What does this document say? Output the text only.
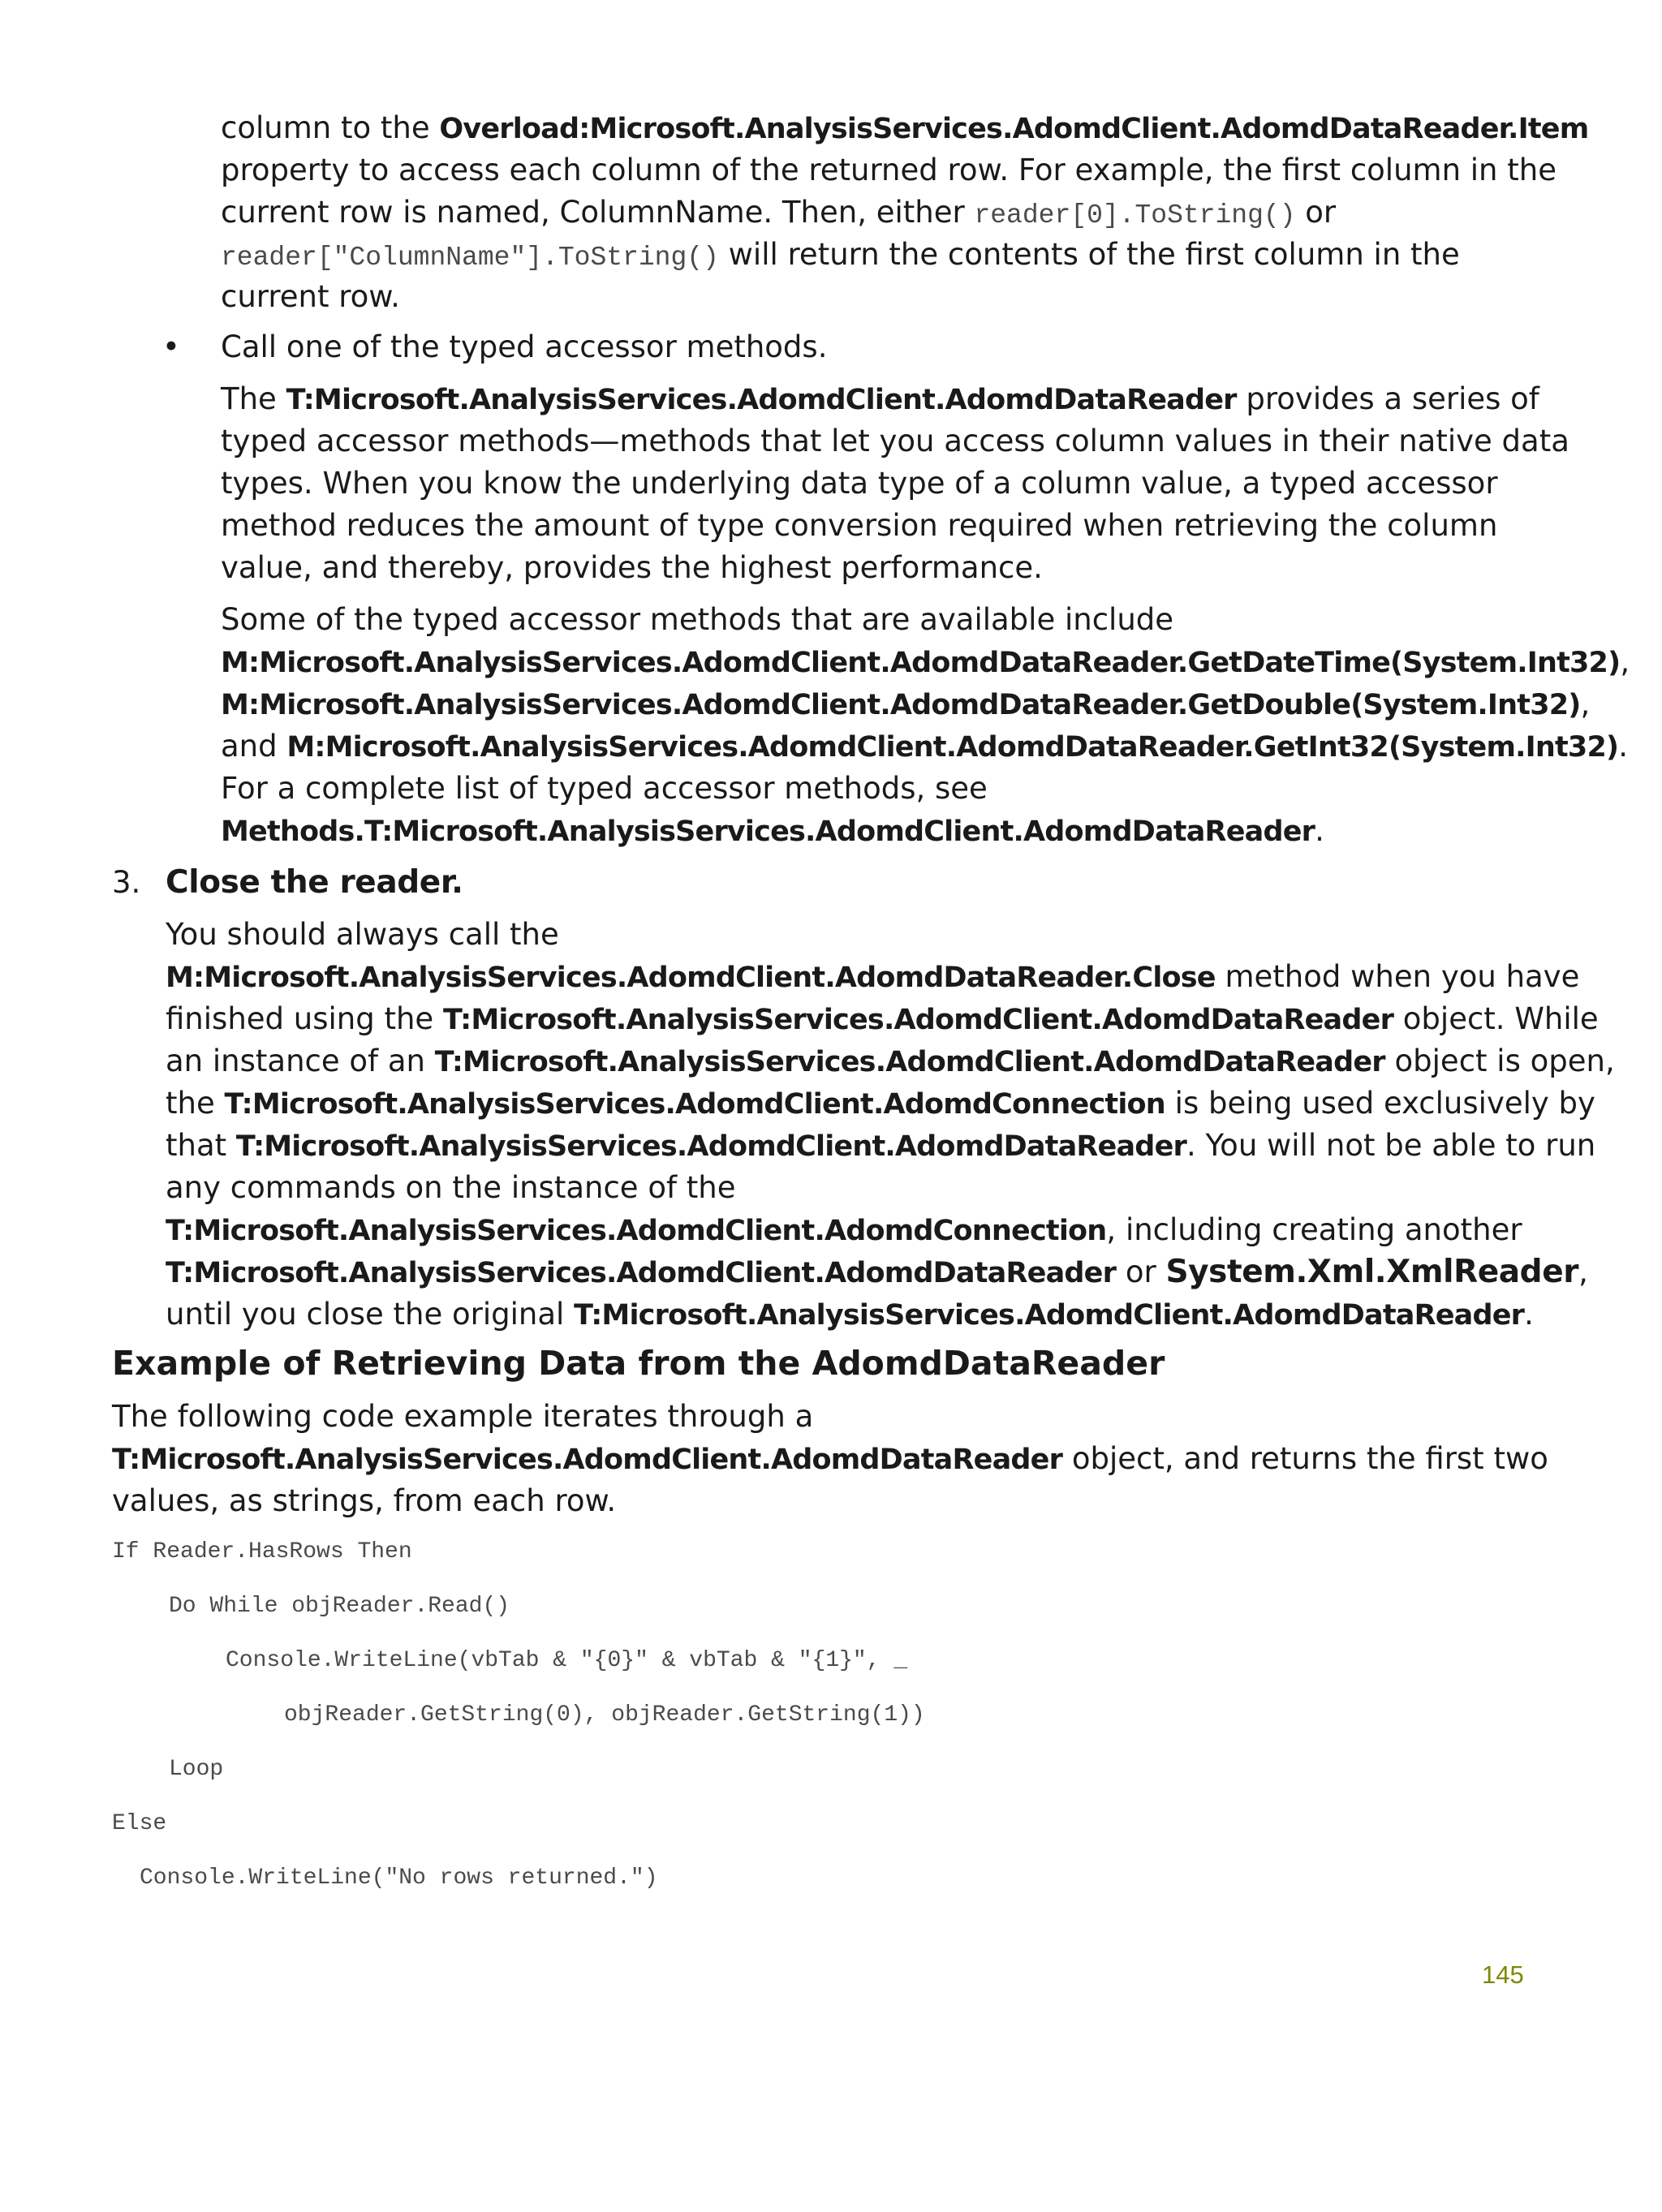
column to the Overload:Microsoft.AnalysisServices.AdomdClient.AdomdDataReader.Item
property to access each column of the returned row. For example, the first column in the
current row is named, ColumnName. Then, either reader[0].ToString() or
reader["ColumnName"].ToString() will return the contents of the first column in the
current row.
• Call one of the typed accessor methods.
The T:Microsoft.AnalysisServices.AdomdClient.AdomdDataReader provides a series of
typed accessor methods—methods that let you access column values in their native data
types. When you know the underlying data type of a column value, a typed accessor
method reduces the amount of type conversion required when retrieving the column
value, and thereby, provides the highest performance.
Some of the typed accessor methods that are available include
M:Microsoft.AnalysisServices.AdomdClient.AdomdDataReader.GetDateTime(System.Int32),
M:Microsoft.AnalysisServices.AdomdClient.AdomdDataReader.GetDouble(System.Int32),
and M:Microsoft.AnalysisServices.AdomdClient.AdomdDataReader.GetInt32(System.Int32).
For a complete list of typed accessor methods, see
Methods.T:Microsoft.AnalysisServices.AdomdClient.AdomdDataReader.
3. Close the reader.
You should always call the
M:Microsoft.AnalysisServices.AdomdClient.AdomdDataReader.Close method when you have
finished using the T:Microsoft.AnalysisServices.AdomdClient.AdomdDataReader object. While
an instance of an T:Microsoft.AnalysisServices.AdomdClient.AdomdDataReader object is open,
the T:Microsoft.AnalysisServices.AdomdClient.AdomdConnection is being used exclusively by
that T:Microsoft.AnalysisServices.AdomdClient.AdomdDataReader. You will not be able to run
any commands on the instance of the
T:Microsoft.AnalysisServices.AdomdClient.AdomdConnection, including creating another
T:Microsoft.AnalysisServices.AdomdClient.AdomdDataReader or System.Xml.XmlReader,
until you close the original T:Microsoft.AnalysisServices.AdomdClient.AdomdDataReader.
Example of Retrieving Data from the AdomdDataReader
The following code example iterates through a
T:Microsoft.AnalysisServices.AdomdClient.AdomdDataReader object, and returns the first two
values, as strings, from each row.
If Reader.HasRows Then
Do While objReader.Read()
Console.WriteLine(vbTab & "{0}" & vbTab & "{1}", _
objReader.GetString(0), objReader.GetString(1))
Loop
Else
Console.WriteLine("No rows returned.")
145
